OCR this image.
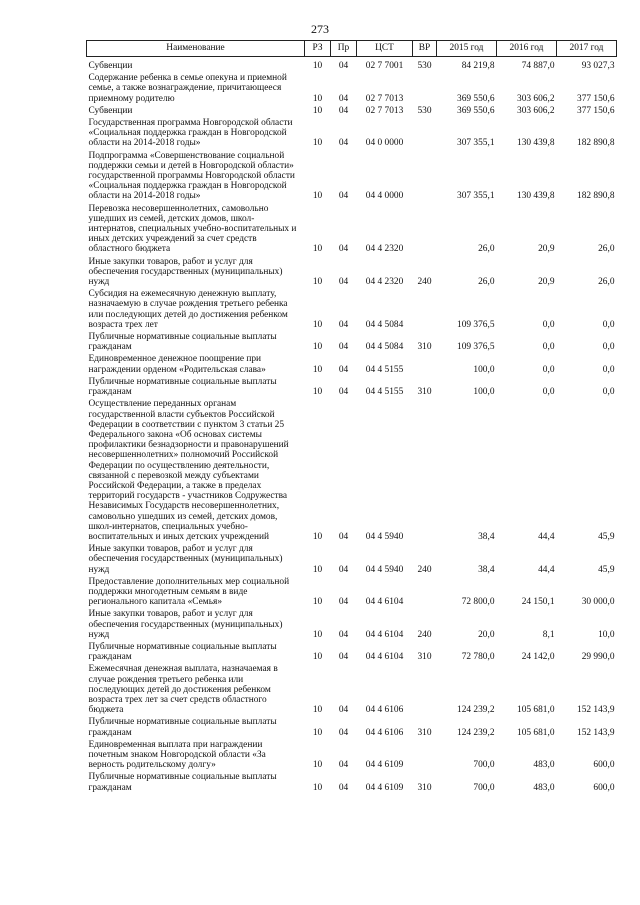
273
Наименование	РЗ	Пр	ЦСТ	ВР	2015 год	2016 год	2017 год
Субвенции	10	04	02 7 7001	530	84 219,8	74 887,0	93 027,3
Содержание ребенка в семье опекуна и приемной семье, а также вознаграждение, причитающееся приемному родителю	10	04	02 7 7013		369 550,6	303 606,2	377 150,6
Субвенции	10	04	02 7 7013	530	369 550,6	303 606,2	377 150,6
Государственная программа Новгородской области «Социальная поддержка граждан в Новгородской области на 2014-2018 годы»	10	04	04 0 0000		307 355,1	130 439,8	182 890,8
Подпрограмма «Совершенствование социальной поддержки семьи и детей в Новгородской области» государственной программы Новгородской области «Социальная поддержка граждан в Новгородской области на 2014-2018 годы»	10	04	04 4 0000		307 355,1	130 439,8	182 890,8
Перевозка несовершеннолетних, самовольно ушедших из семей, детских домов, школ-интернатов, специальных учебно-воспитательных и иных детских учреждений за счет средств областного бюджета	10	04	04 4 2320		26,0	20,9	26,0
Иные закупки товаров, работ и услуг для обеспечения государственных (муниципальных) нужд	10	04	04 4 2320	240	26,0	20,9	26,0
Субсидия на ежемесячную денежную выплату, назначаемую в случае рождения третьего ребенка или последующих детей до достижения ребенком возраста трех лет	10	04	04 4 5084		109 376,5	0,0	0,0
Публичные нормативные социальные выплаты гражданам	10	04	04 4 5084	310	109 376,5	0,0	0,0
Единовременное денежное поощрение при награждении орденом «Родительская слава»	10	04	04 4 5155		100,0	0,0	0,0
Публичные нормативные социальные выплаты гражданам	10	04	04 4 5155	310	100,0	0,0	0,0
Осуществление переданных органам государственной власти субъектов Российской Федерации в соответствии с пунктом 3 статьи 25 Федерального закона «Об основах системы профилактики безнадзорности и правонарушений несовершеннолетних» полномочий Российской Федерации по осуществлению деятельности, связанной с перевозкой между субъектами Российской Федерации, а также в пределах территорий государств - участников Содружества Независимых Государств несовершеннолетних, самовольно ушедших из семей, детских домов, школ-интернатов, специальных учебно-воспитательных и иных детских учреждений	10	04	04 4 5940		38,4	44,4	45,9
Иные закупки товаров, работ и услуг для обеспечения государственных (муниципальных) нужд	10	04	04 4 5940	240	38,4	44,4	45,9
Предоставление дополнительных мер социальной поддержки многодетным семьям в виде регионального капитала «Семья»	10	04	04 4 6104		72 800,0	24 150,1	30 000,0
Иные закупки товаров, работ и услуг для обеспечения государственных (муниципальных) нужд	10	04	04 4 6104	240	20,0	8,1	10,0
Публичные нормативные социальные выплаты гражданам	10	04	04 4 6104	310	72 780,0	24 142,0	29 990,0
Ежемесячная денежная выплата, назначаемая в случае рождения третьего ребенка или последующих детей до достижения ребенком возраста трех лет за счет средств областного бюджета	10	04	04 4 6106		124 239,2	105 681,0	152 143,9
Публичные нормативные социальные выплаты гражданам	10	04	04 4 6106	310	124 239,2	105 681,0	152 143,9
Единовременная выплата при награждении почетным знаком Новгородской области «За верность родительскому долгу»	10	04	04 4 6109		700,0	483,0	600,0
Публичные нормативные социальные выплаты гражданам	10	04	04 4 6109	310	700,0	483,0	600,0
